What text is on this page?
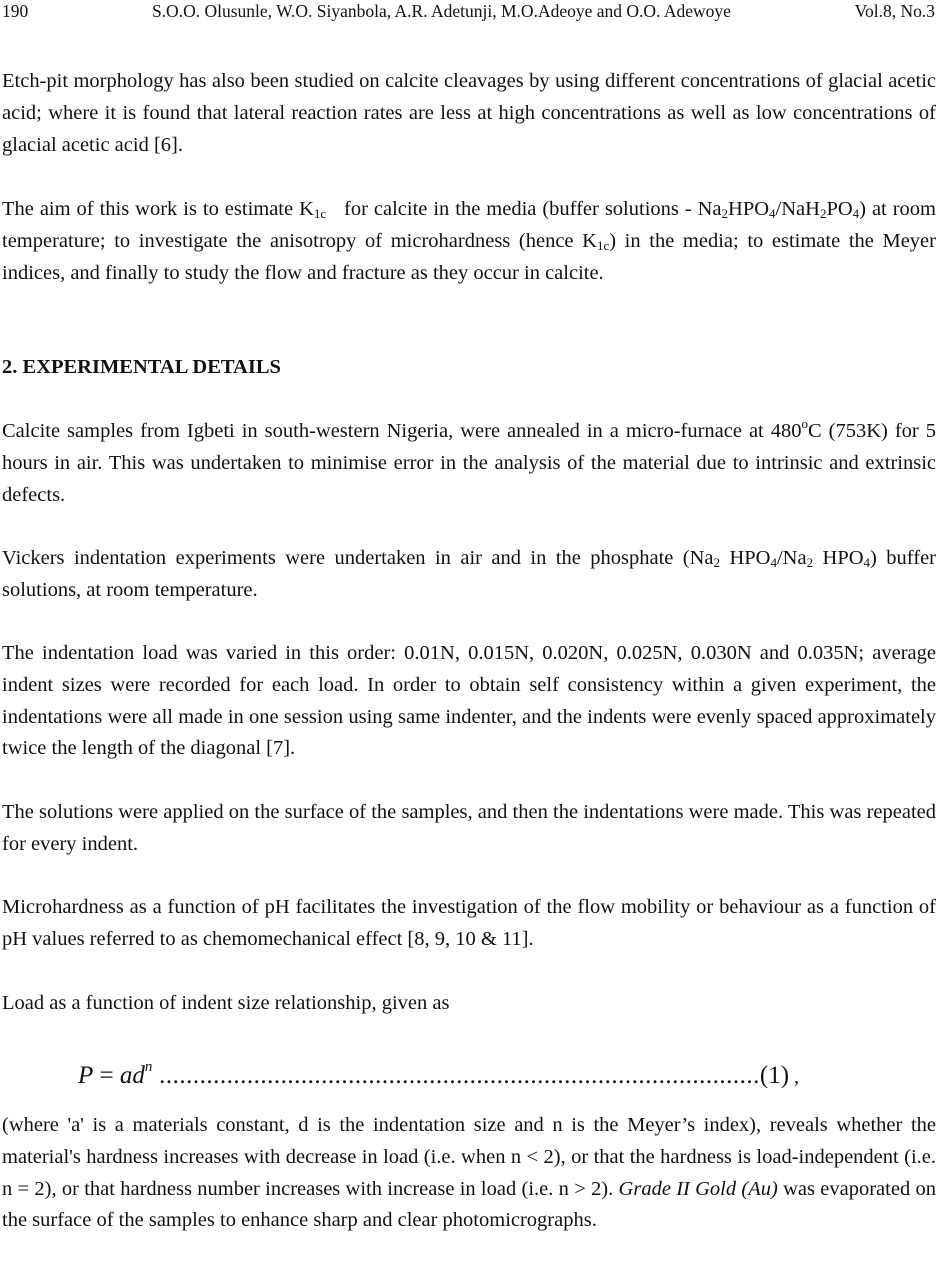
190	S.O.O. Olusunle, W.O. Siyanbola, A.R. Adetunji, M.O.Adeoye and O.O. Adewoye	Vol.8, No.3

Etch-pit morphology has also been studied on calcite cleavages by using different concentrations of glacial acetic acid; where it is found that lateral reaction rates are less at high concentrations as well as low concentrations of glacial acetic acid [6].

The aim of this work is to estimate $K_{1c}$   for calcite in the media (buffer solutions - $Na_2HPO_4/NaH_2PO_4$) at room temperature; to investigate the anisotropy of microhardness (hence $K_{1c}$) in the media; to estimate the Meyer indices, and finally to study the flow and fracture as they occur in calcite.

2. EXPERIMENTAL DETAILS

Calcite samples from Igbeti in south-western Nigeria, were annealed in a micro-furnace at 480$^o$C (753K) for 5 hours in air. This was undertaken to minimise error in the analysis of the material due to intrinsic and extrinsic defects.

Vickers indentation experiments were undertaken in air and in the phosphate ($Na_2$ $HPO_4/Na_2$ $HPO_4$) buffer solutions, at room temperature.

The indentation load was varied in this order: 0.01N, 0.015N, 0.020N, 0.025N, 0.030N and 0.035N; average indent sizes were recorded for each load. In order to obtain self consistency within a given experiment, the indentations were all made in one session using same indenter, and the indents were evenly spaced approximately twice the length of the diagonal [7].

The solutions were applied on the surface of the samples, and then the indentations were made. This was repeated for every indent.

Microhardness as a function of pH facilitates the investigation of the flow mobility or behaviour as a function of pH values referred to as chemomechanical effect [8, 9, 10 & 11].

Load as a function of indent size relationship, given as

$P = ad^n$ .........................................................................................(1) ,

(where 'a' is a materials constant, d is the indentation size and n is the Meyer’s index), reveals whether the material's hardness increases with decrease in load (i.e. when n < 2), or that the hardness is load-independent (i.e. n = 2), or that hardness number increases with increase in load (i.e. n > 2). Grade II Gold (Au) was evaporated on the surface of the samples to enhance sharp and clear photomicrographs.
